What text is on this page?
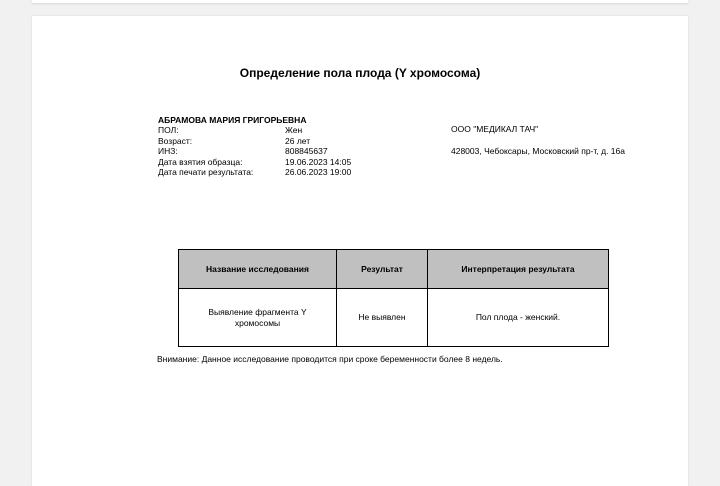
Определение пола плода (Y хромосома)
АБРАМОВА МАРИЯ ГРИГОРЬЕВНА
ПОЛ:	Жен
Возраст:	26 лет
ИНЗ:	808845637
Дата взятия образца:	19.06.2023 14:05
Дата печати результата:	26.06.2023 19:00
ООО "МЕДИКАЛ ТАЧ"
428003, Чебоксары, Московский пр-т, д. 16а
Название исследования	Результат	Интерпретация результата
Выявление фрагмента Y хромосомы	Не выявлен	Пол плода - женский.
Внимание: Данное исследование проводится при сроке беременности более 8 недель.
